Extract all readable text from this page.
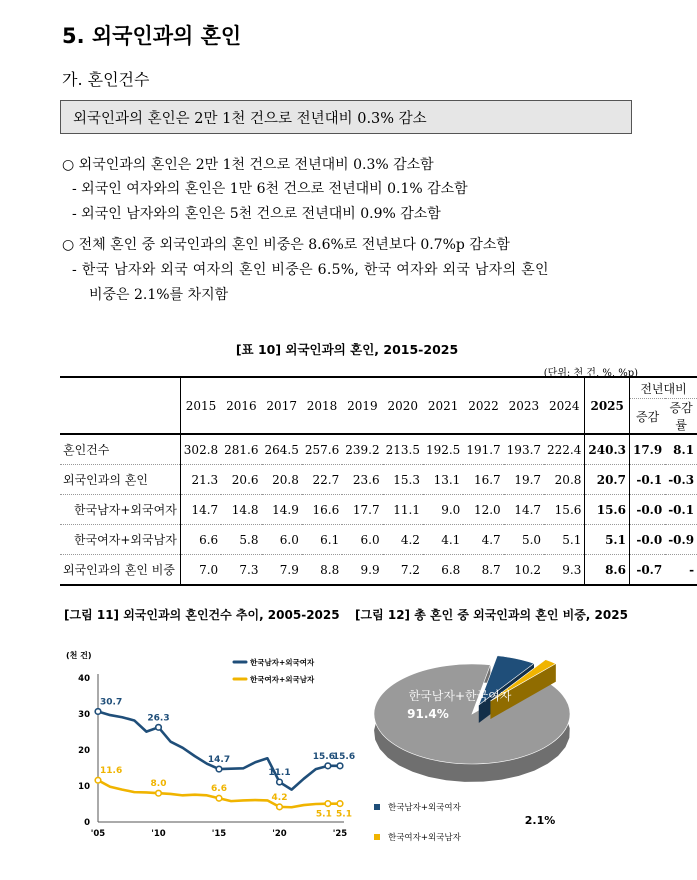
5. 외국인과의 혼인
가. 혼인건수
외국인과의 혼인은 2만 1천 건으로 전년대비 0.3% 감소
○ 외국인과의 혼인은 2만 1천 건으로 전년대비 0.3% 감소함
- 외국인 여자와의 혼인은 1만 6천 건으로 전년대비 0.1% 감소함
- 외국인 남자와의 혼인은 5천 건으로 전년대비 0.9% 감소함
○ 전체 혼인 중 외국인과의 혼인 비중은 8.6%로 전년보다 0.7%p 감소함
- 한국 남자와 외국 여자의 혼인 비중은 6.5%, 한국 여자와 외국 남자의 혼인
비중은 2.1%를 차지함
[표 10] 외국인과의 혼인, 2015-2025
(단위: 천 건, %, %p)
	2015	2016	2017	2018	2019	2020	2021	2022	2023	2024	2025	전년대비	
												증감	증감률
혼인건수	302.8	281.6	264.5	257.6	239.2	213.5	192.5	191.7	193.7	222.4	240.3	17.9	8.1
외국인과의 혼인	21.3	20.6	20.8	22.7	23.6	15.3	13.1	16.7	19.7	20.8	20.7	-0.1	-0.3
한국남자+외국여자	14.7	14.8	14.9	16.6	17.7	11.1	9.0	12.0	14.7	15.6	15.6	-0.0	-0.1
한국여자+외국남자	6.6	5.8	6.0	6.1	6.0	4.2	4.1	4.7	5.0	5.1	5.1	-0.0	-0.9
외국인과의 혼인 비중	7.0	7.3	7.9	8.8	9.9	7.2	6.8	8.7	10.2	9.3	8.6	-0.7	-
[그림 11] 외국인과의 혼인건수 추이, 2005-2025 [그림 12] 총 혼인 중 외국인과의 혼인 비중, 2025
(천 건)
0
10
20
30
40
'05	'10	'15	'20	'25
30.7
26.3
14.7
11.1
15.6
15.6
한국남자+외국여자
11.6
8.0
6.6
4.2
5.1 5.1
한국여자+외국남자
한국남자+한국여자
91.4%
6.5%
2.1%
한국남자+외국여자
한국여자+외국남자
